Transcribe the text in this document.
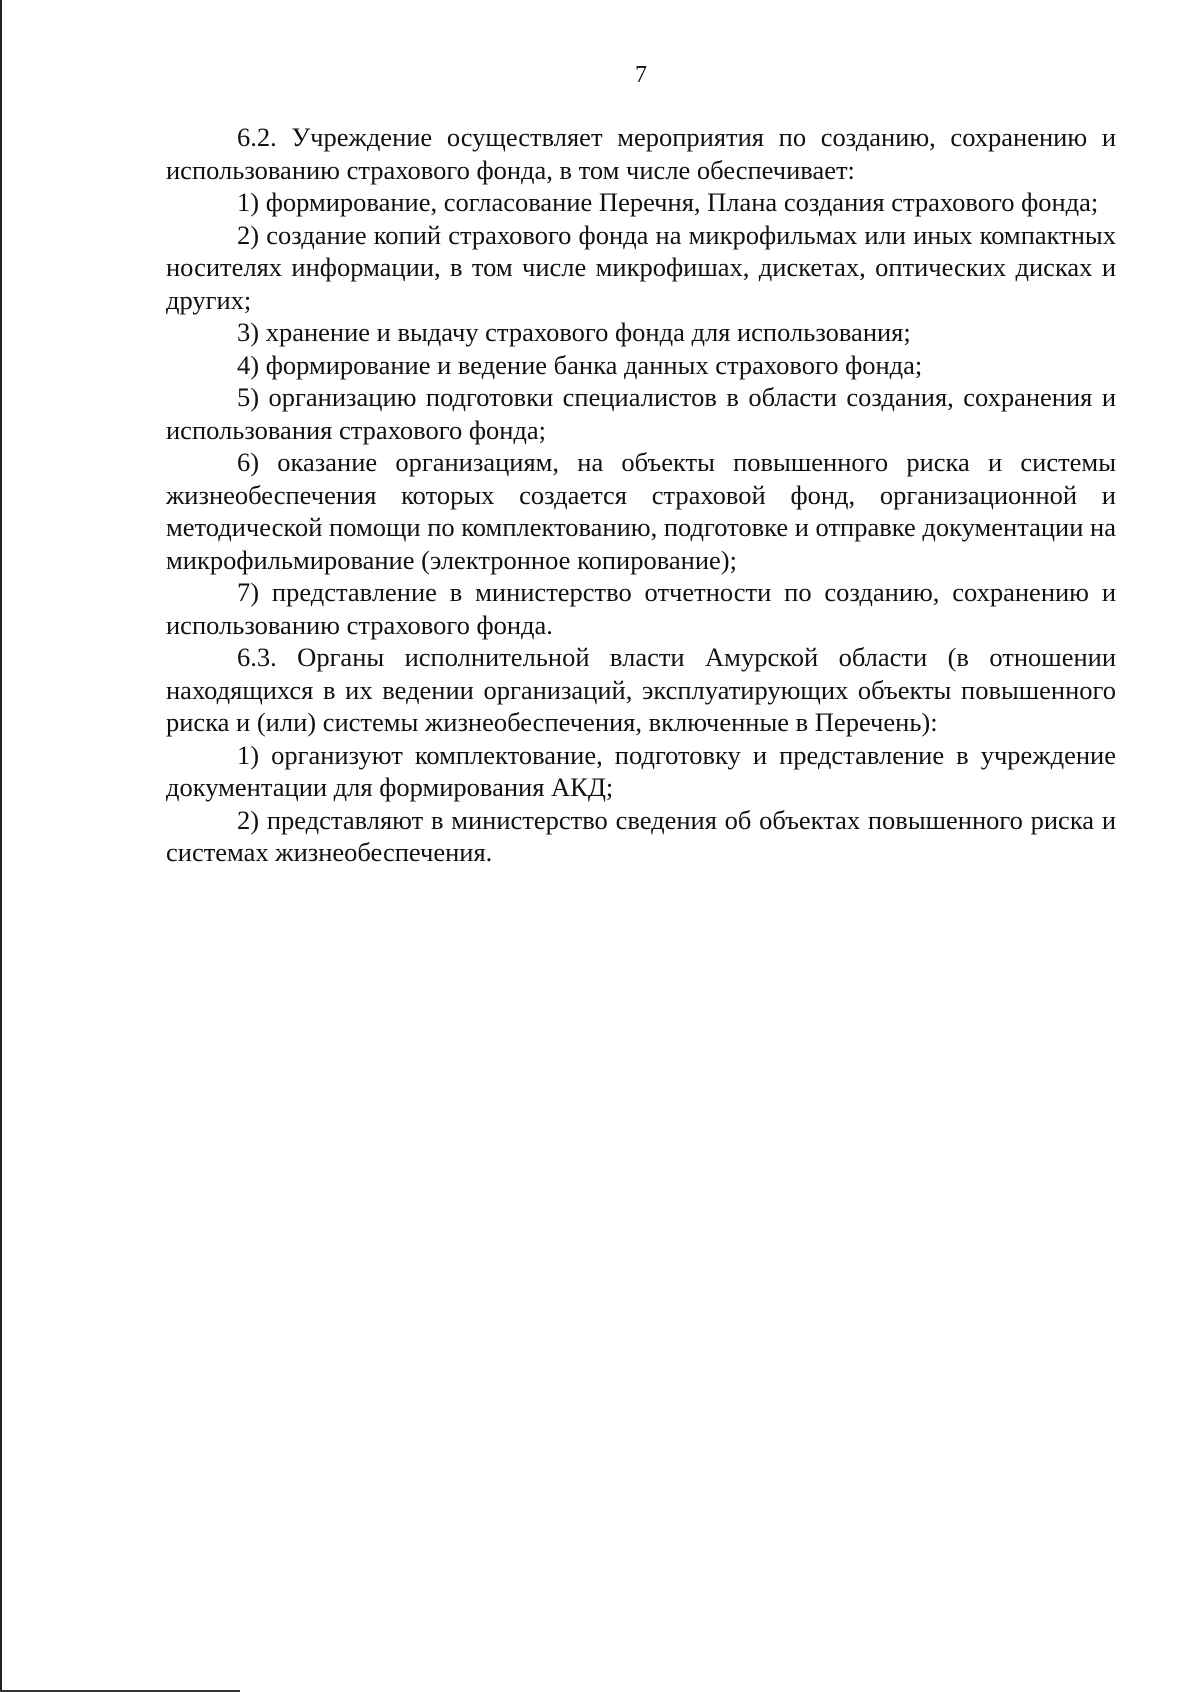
7

6.2. Учреждение осуществляет мероприятия по созданию, сохранению и использованию страхового фонда, в том числе обеспечивает:

1) формирование, согласование Перечня, Плана создания страхового фонда;

2) создание копий страхового фонда на микрофильмах или иных компактных носителях информации, в том числе микрофишах, дискетах, оптических дисках и других;

3) хранение и выдачу страхового фонда для использования;

4) формирование и ведение банка данных страхового фонда;

5) организацию подготовки специалистов в области создания, сохранения и использования страхового фонда;

6) оказание организациям, на объекты повышенного риска и системы жизнеобеспечения которых создается страховой фонд, организационной и методической помощи по комплектованию, подготовке и отправке документации на микрофильмирование (электронное копирование);

7) представление в министерство отчетности по созданию, сохранению и использованию страхового фонда.

6.3. Органы исполнительной власти Амурской области (в отношении находящихся в их ведении организаций, эксплуатирующих объекты повышенного риска и (или) системы жизнеобеспечения, включенные в Перечень):

1) организуют комплектование, подготовку и представление в учреждение документации для формирования АКД;

2) представляют в министерство сведения об объектах повышенного риска и системах жизнеобеспечения.
